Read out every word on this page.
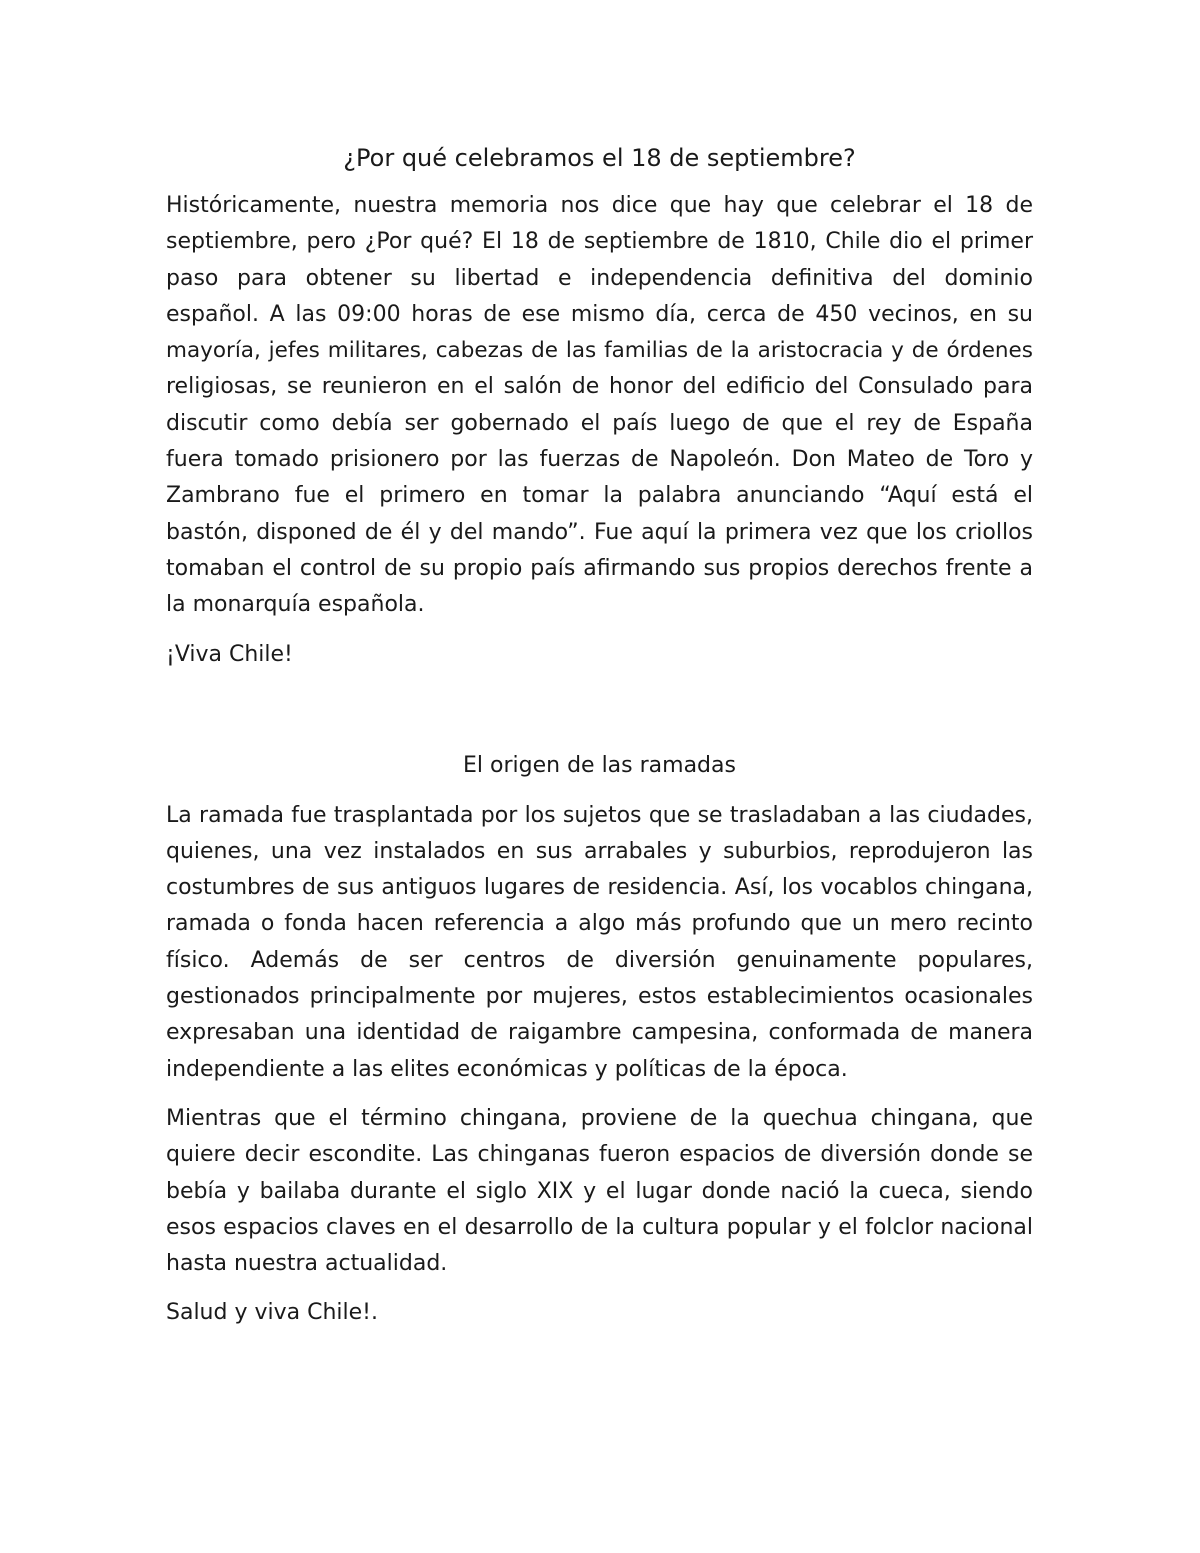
¿Por qué celebramos el 18 de septiembre?

Históricamente, nuestra memoria nos dice que hay que celebrar el 18 de
septiembre, pero ¿Por qué? El 18 de septiembre de 1810, Chile dio el primer
paso para obtener su libertad e independencia definitiva del dominio
español. A las 09:00 horas de ese mismo día, cerca de 450 vecinos, en su
mayoría, jefes militares, cabezas de las familias de la aristocracia y de órdenes
religiosas, se reunieron en el salón de honor del edificio del Consulado para
discutir como debía ser gobernado el país luego de que el rey de España
fuera tomado prisionero por las fuerzas de Napoleón. Don Mateo de Toro y
Zambrano fue el primero en tomar la palabra anunciando “Aquí está el
bastón, disponed de él y del mando”. Fue aquí la primera vez que los criollos
tomaban el control de su propio país afirmando sus propios derechos frente a
la monarquía española.

¡Viva Chile!

El origen de las ramadas

La ramada fue trasplantada por los sujetos que se trasladaban a las ciudades,
quienes, una vez instalados en sus arrabales y suburbios, reprodujeron las
costumbres de sus antiguos lugares de residencia. Así, los vocablos chingana,
ramada o fonda hacen referencia a algo más profundo que un mero recinto
físico. Además de ser centros de diversión genuinamente populares,
gestionados principalmente por mujeres, estos establecimientos ocasionales
expresaban una identidad de raigambre campesina, conformada de manera
independiente a las elites económicas y políticas de la época.

Mientras que el término chingana, proviene de la quechua chingana, que
quiere decir escondite. Las chinganas fueron espacios de diversión donde se
bebía y bailaba durante el siglo XIX y el lugar donde nació la cueca, siendo
esos espacios claves en el desarrollo de la cultura popular y el folclor nacional
hasta nuestra actualidad.

Salud y viva Chile!.
